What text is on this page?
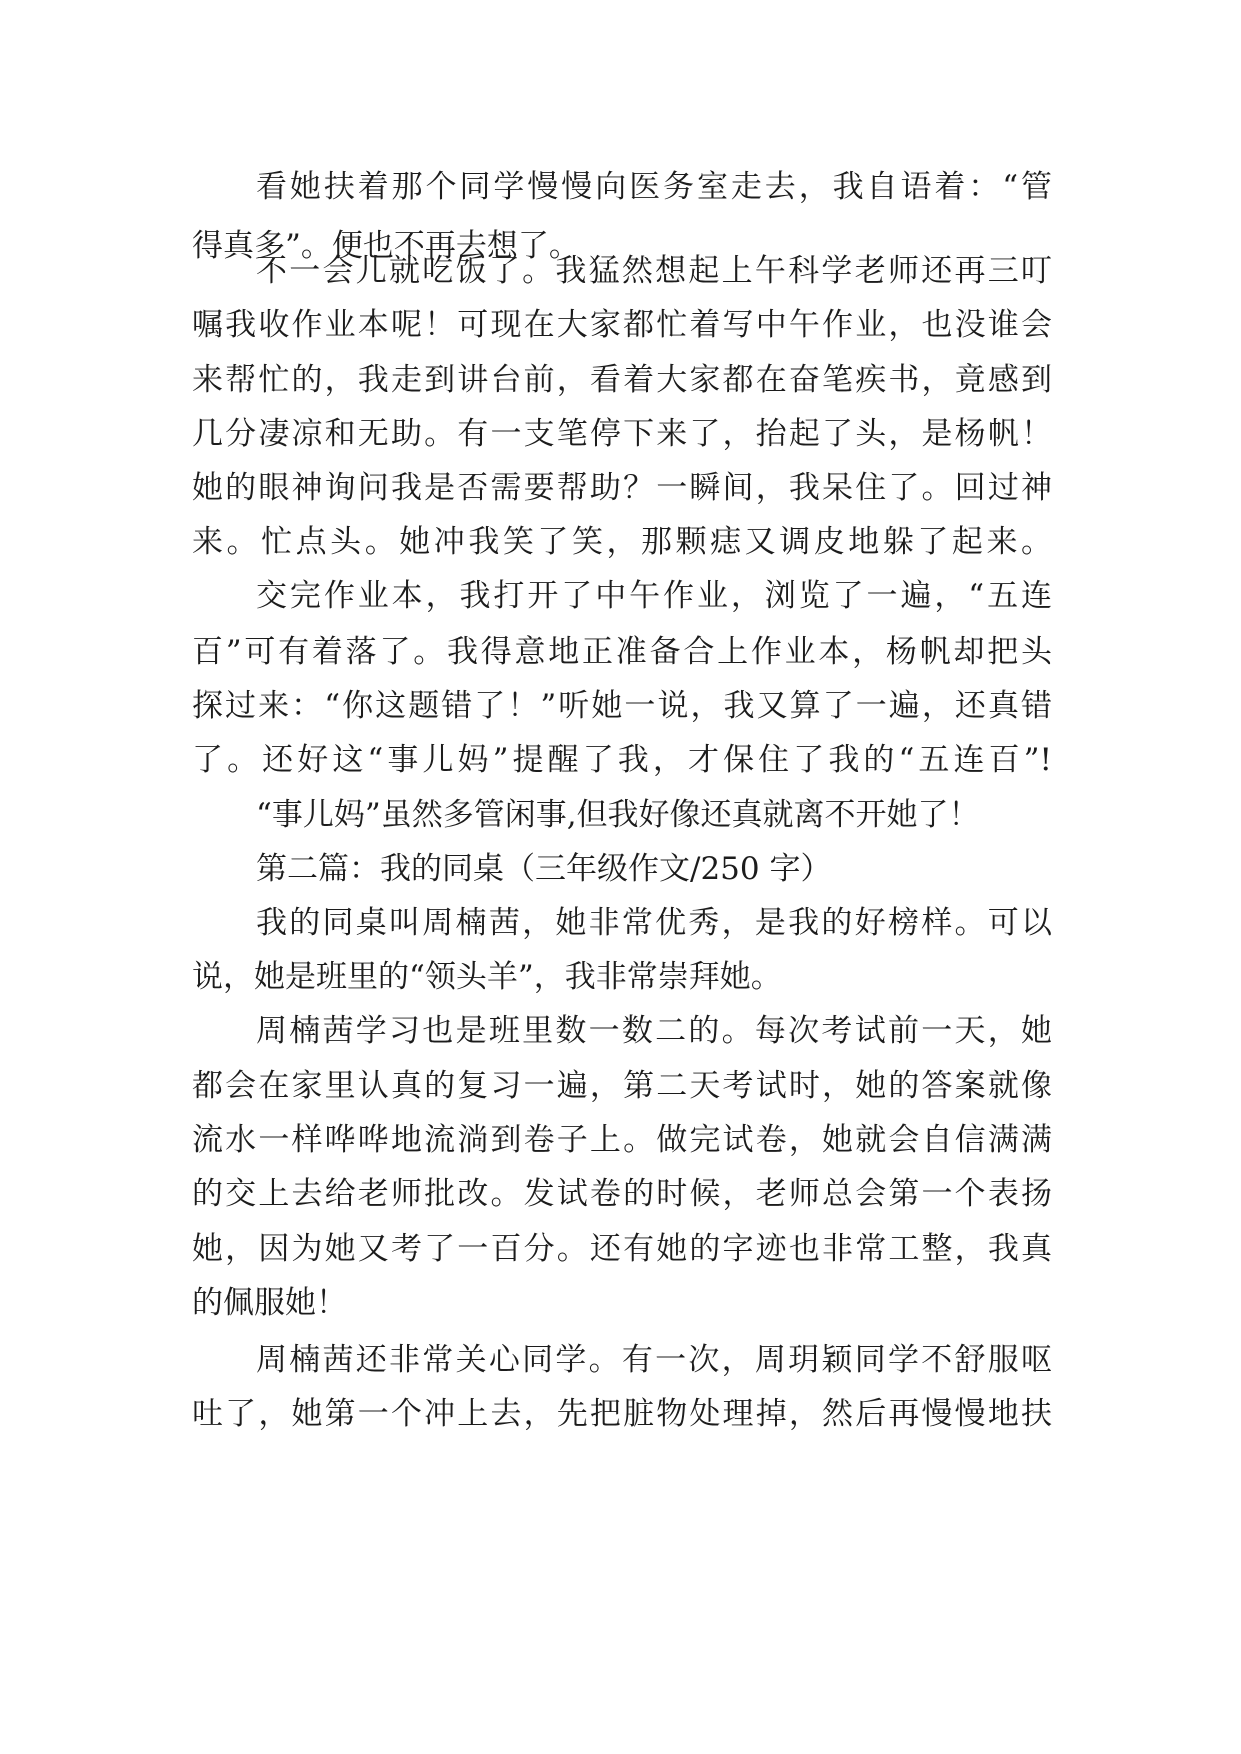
看她扶着那个同学慢慢向医务室走去，我自语着：“管
得真多”。便也不再去想了。
不一会儿就吃饭了。我猛然想起上午科学老师还再三叮
嘱我收作业本呢！可现在大家都忙着写中午作业，也没谁会
来帮忙的，我走到讲台前，看着大家都在奋笔疾书，竟感到
几分凄凉和无助。有一支笔停下来了，抬起了头，是杨帆！
她的眼神询问我是否需要帮助？一瞬间，我呆住了。回过神
来。忙点头。她冲我笑了笑，那颗痣又调皮地躲了起来。
交完作业本，我打开了中午作业，浏览了一遍，“五连
百”可有着落了。我得意地正准备合上作业本，杨帆却把头
探过来：“你这题错了！”听她一说，我又算了一遍，还真错
了。还好这“事儿妈”提醒了我，才保住了我的“五连百”!
“事儿妈”虽然多管闲事,但我好像还真就离不开她了！
第二篇：我的同桌（三年级作文/250 字）
我的同桌叫周楠茜，她非常优秀，是我的好榜样。可以
说，她是班里的“领头羊”，我非常崇拜她。
周楠茜学习也是班里数一数二的。每次考试前一天，她
都会在家里认真的复习一遍，第二天考试时，她的答案就像
流水一样哗哗地流淌到卷子上。做完试卷，她就会自信满满
的交上去给老师批改。发试卷的时候，老师总会第一个表扬
她，因为她又考了一百分。还有她的字迹也非常工整，我真
的佩服她！
周楠茜还非常关心同学。有一次，周玥颖同学不舒服呕
吐了，她第一个冲上去，先把脏物处理掉，然后再慢慢地扶
